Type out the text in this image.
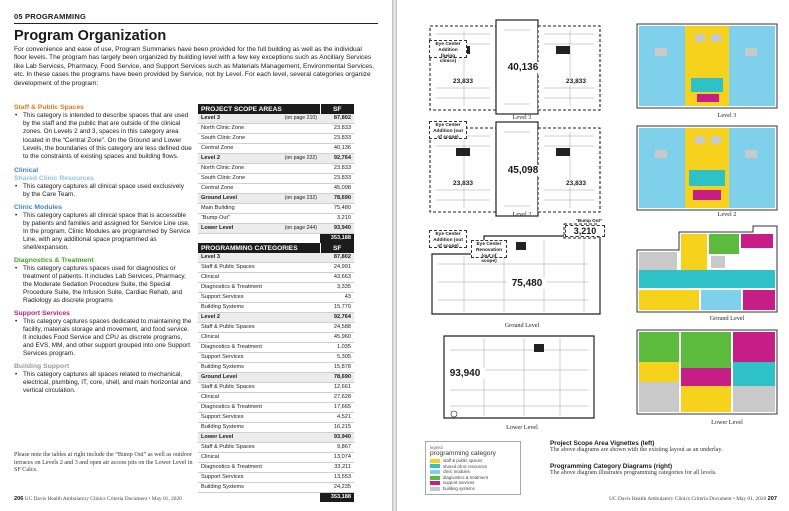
05 PROGRAMMING
Program Organization
For convenience and ease of use, Program Summaries have been provided for the full building as well as the individual floor levels. The program has largely been organized by building level with a few key exceptions such as Ancillary Services like Lab Services, Pharmacy, Food Service, and Support Services such as Materials Management, Environmental Services, etc. In these cases the programs have been provided by Service, not by Level. For each level, several categories organize development of the program:
Staff & Public Spaces
• This category is intended to describe spaces that are used by the staff and the public that are outside of the clinical zones. On Levels 2 and 3, spaces in this category area located in the “Central Zone”. On the Ground and Lower Levels, the boundaries of this category are less defined due to the constraints of existing spaces and building flows.
Clinical
Shared Clinic Resources
• This category captures all clinical space used exclusively by the Care Team.
Clinic Modules
• This category captures all clinical space that is accessible by patients and families and assigned for Service Line use. In the program, Clinic Modules are programmed by Service Line, with any additional space programmed as shell/expansion.
Diagnostics & Treatment
• This category captures spaces used for diagnostics or treatment of patients. It includes Lab Services, Pharmacy, the Moderate Sedation Procedure Suite, the Special Procedure Suite, the Infusion Suite, Cardiac Rehab, and Radiology as discrete programs
Support Services
• This category captures spaces dedicated to maintaining the facility, materials storage and movement, and food service. It includes Food Service and CPU as discrete programs, and EVS, MM, and other support grouped into one Support Services program.
Building Support
• This category captures all spaces related to mechanical, electrical, plumbing, IT, core, shell, and main horizontal and vertical circulation.
Please note the tables at right include the “Bump Out” as well as outdoor terraces on Levels 2 and 3 and open air access pits on the Lower Level in SF Calcs.
206 UC Davis Health Ambulatory Clinics Criteria Document • May 01, 2020
PROJECT SCOPE AREAS	SF
Level 3 (on page 210)	87,802
North Clinic Zone	23,833
South Clinic Zone	23,833
Central Zone	40,136
Level 2 (on page 222)	92,764
North Clinic Zone	23,833
South Clinic Zone	23,833
Central Zone	45,098
Ground Level (on page 232)	78,690
Main Building	75,480
“Bump Out”	3,210
Lower Level (on page 244)	93,940
	353,188
PROGRAMMING CATEGORIES	SF
Level 3	87,802
Staff & Public Spaces	24,991
Clinical	43,663
Diagnostics & Treatment	3,335
Support Services	43
Building Systems	15,770
Level 2	92,764
Staff & Public Spaces	24,588
Clinical	45,960
Diagnostics & Treatment	1,035
Support Services	5,305
Building Systems	15,878
Ground Level	78,690
Staff & Public Spaces	12,661
Clinical	27,628
Diagnostics & Treatment	17,665
Support Services	4,521
Building Systems	16,215
Lower Level	93,940
Staff & Public Spaces	9,867
Clinical	13,074
Diagnostics & Treatment	33,211
Support Services	13,553
Building Systems	24,235
	353,188
Eye Center Addition (being clinics)
40,136
23,833	23,833
Level 3
Eye Center Addition (out of scope)
45,098
23,833	23,833
Level 2
Eye Center Addition (out of scope)	Eye Center Renovation (out of scope)
“Bump Out”
3,210
75,480
Ground Level
93,940
Lower Level
Level 3
Level 2
Ground Level
Lower Level
legend
programming category
staff & public spaces
shared clinic resources
clinic modules
diagnostics & treatment
support services
building systems
Project Scope Area Vignettes (left)
The above diagrams are shown with the existing layout as an underlay.
Programming Category Diagrams (right)
The above diagram illustrates programming categories for all levels.
UC Davis Health Ambulatory Clinics Criteria Document • May 01, 2020 207
